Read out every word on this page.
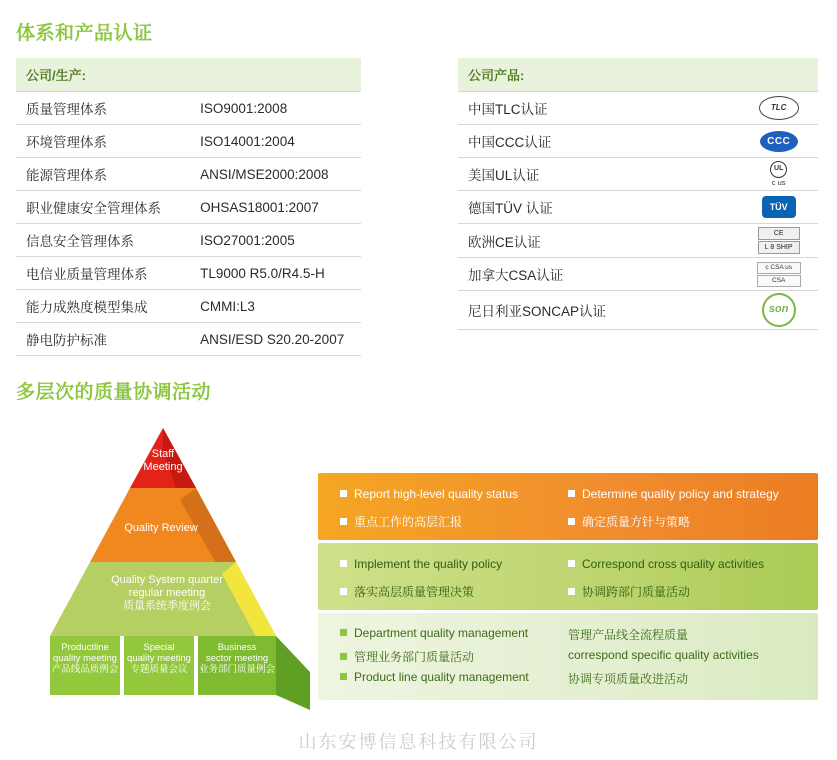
体系和产品认证
多层次的质量协调活动
公司/生产:	
质量管理体系	ISO9001:2008
环境管理体系	ISO14001:2004
能源管理体系	ANSI/MSE2000:2008
职业健康安全管理体系	OHSAS18001:2007
信息安全管理体系	ISO27001:2005
电信业质量管理体系	TL9000 R5.0/R4.5-H
能力成熟度模型集成	CMMI:L3
静电防护标准	ANSI/ESD S20.20-2007
公司产品:	
中国TLC认证	TLC
中国CCC认证	CCC
美国UL认证	UL
c us
德国TÜV 认证	TÜV
欧洲CE认证	CE
L 8 SHIP

加拿大CSA认证	c CSA us
CSA

尼日利亚SONCAP认证	son
Report high-level quality status
重点工作的高层汇报
Determine quality policy and strategy
确定质量方针与策略
Implement the quality policy
落实高层质量管理决策
Correspond cross quality activities
协调跨部门质量活动
Department quality management
管理业务部门质量活动
Product line quality management
管理产品线全流程质量
correspond specific quality activities
协调专项质量改进活动
Staff
Meeting
Quality Review
Quality System quarter
regular meeting
质量系统季度例会
Productline
quality meeting
产品线品质例会
Special
quality meeting
专题质量会议
Business
sector meeting
业务部门质量例会
山东安博信息科技有限公司
